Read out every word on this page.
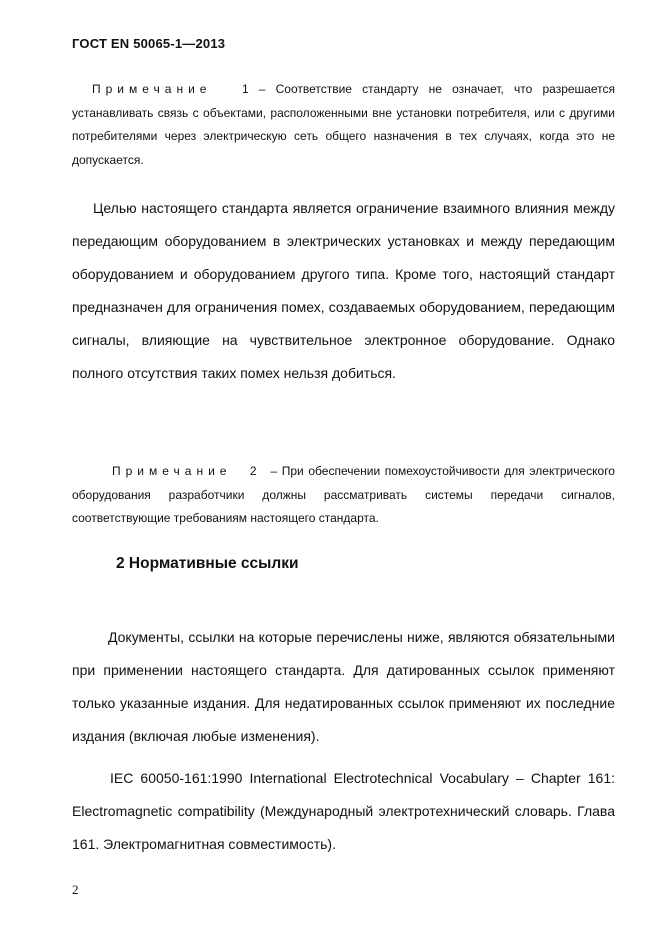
ГОСТ EN 50065-1—2013
Примечание	1 – Соответствие стандарту не означает, что разрешается устанавливать связь с объектами, расположенными вне установки потребителя, или с другими потребителями через электрическую сеть общего назначения в тех случаях, когда это не допускается.
Целью настоящего стандарта является ограничение взаимного влияния между передающим оборудованием в электрических установках и между передающим оборудованием и оборудованием другого типа. Кроме того, настоящий стандарт предназначен для ограничения помех, создаваемых оборудованием, передающим сигналы, влияющие на чувствительное электронное оборудование. Однако полного отсутствия таких помех нельзя добиться.
Примечание 2 – При обеспечении помехоустойчивости для электрического оборудования разработчики должны рассматривать системы передачи сигналов, соответствующие требованиям настоящего стандарта.
2 Нормативные ссылки
Документы, ссылки на которые перечислены ниже, являются обязательными при применении настоящего стандарта. Для датированных ссылок применяют только указанные издания. Для недатированных ссылок применяют их последние издания (включая любые изменения).
IEC 60050-161:1990 International Electrotechnical Vocabulary – Chapter 161: Electromagnetic compatibility (Международный электротехнический словарь. Глава 161. Электромагнитная совместимость).
2
